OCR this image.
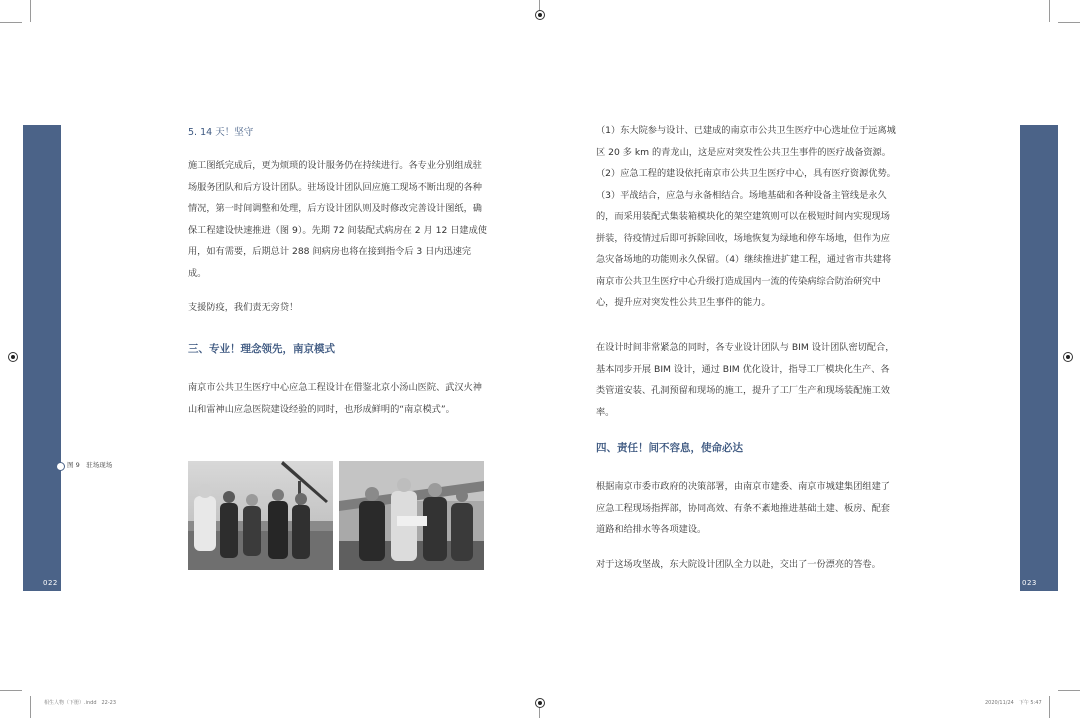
022	023
5. 14 天！坚守
施工图纸完成后，更为烦琐的设计服务仍在持续进行。各专业分别组成驻场服务团队和后方设计团队。驻场设计团队回应施工现场不断出现的各种情况，第一时间调整和处理，后方设计团队则及时修改完善设计图纸，确保工程建设快速推进（图 9）。先期 72 间装配式病房在 2 月 12 日建成使用，如有需要，后期总计 288 间病房也将在接到指令后 3 日内迅速完成。
支援防疫，我们责无旁贷！
三、专业！理念领先，南京模式
南京市公共卫生医疗中心应急工程设计在借鉴北京小汤山医院、武汉火神山和雷神山应急医院建设经验的同时，也形成鲜明的“南京模式”。
图 9　驻场现场
（1）东大院参与设计、已建成的南京市公共卫生医疗中心选址位于远离城区 20 多 km 的青龙山，这是应对突发性公共卫生事件的医疗战备资源。（2）应急工程的建设依托南京市公共卫生医疗中心，具有医疗资源优势。（3）平战结合，应急与永备相结合。场地基础和各种设备主管线是永久的，而采用装配式集装箱模块化的架空建筑则可以在极短时间内实现现场拼装，待疫情过后即可拆除回收，场地恢复为绿地和停车场地，但作为应急灾备场地的功能则永久保留。（4）继续推进扩建工程，通过省市共建将南京市公共卫生医疗中心升级打造成国内一流的传染病综合防治研究中心，提升应对突发性公共卫生事件的能力。
在设计时间非常紧急的同时，各专业设计团队与 BIM 设计团队密切配合，基本同步开展 BIM 设计，通过 BIM 优化设计，指导工厂模块化生产、各类管道安装、孔洞预留和现场的施工，提升了工厂生产和现场装配施工效率。
四、责任！间不容息，使命必达
根据南京市委市政府的决策部署，由南京市建委、南京市城建集团组建了应急工程现场指挥部，协同高效、有条不紊地推进基础土建、板房、配套道路和给排水等各项建设。
对于这场攻坚战，东大院设计团队全力以赴，交出了一份漂亮的答卷。
相生人物（下册）.indd　22-23	2020/11/24　下午 5:47
